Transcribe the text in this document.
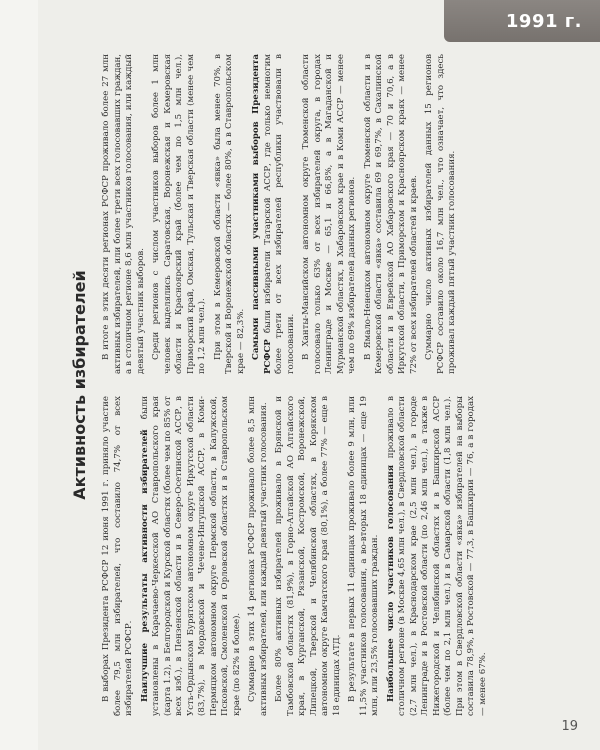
1991 г.
Активность избирателей

В выборах Президента РСФСР 12 июня 1991 г. приняло участие более 79,5 млн избирателей, что составило 74,7% от всех избирателей РСФСР. Наилучшие результаты активности избирателей были установлены в Карачаево-Черкесской АО Ставропольского края (карта 1.2), в Белгородской и Курской областях (более чем по 85% от всех изб.), в Пензенской области и в Северо-Осетинской АССР, в Усть-Ордынском Бурятском автономном округе Иркутской области (83,7%), в Мордовской и Чечено-Ингушской АССР, в Коми-Пермяцком автономном округе Пермской области, в Калужской, Псковской, Смоленской и Орловской областях и в Ставропольском крае (по 82% и более). Суммарно в этих 14 регионах РСФСР проживало более 8,5 млн активных избирателей, или каждый девятый участник голосования. Более 80% активных избирателей проживало в Брянской и Тамбовской областях (81,9%), в Горно-Алтайской АО Алтайского края, в Курганской, Рязанской, Костромской, Воронежской, Липецкой, Тверской и Челябинской областях, в Корякском автономном округе Камчатского края (80,1%), а более 77% — еще в 18 единицах АТД. В результате в первых 11 единицах проживало более 9 млн, или 11,5% участников голосования, а во-вторых 18 единицах — еще 19 млн, или 23,5% голосовавших граждан. Наибольшее число участников голосования проживало в столичном регионе (в Москве 4,65 млн чел.), в Свердловской области (2,7 млн чел.), в Краснодарском крае (2,5 млн чел.), в городе Ленинграде и в Ростовской области (по 2,46 млн чел.), а также в Нижегородской и Челябинской областях и в Башкирской АССР (более чем по 2,1 млн чел.) и в Самарской области (1,8 млн чел.). При этом в Свердловской области «явка» избирателей на выборы составила 78,9%, в Ростовской — 77,3, в Башкирии — 76, а в городах — менее 67%.

В итоге в этих десяти регионах РСФСР проживало более 27 млн активных избирателей, или более трети всех голосовавших граждан, а в столичном регионе 8,6 млн участников голосования, или каждый девятый участник выборов. Среди регионов с числом участников выборов более 1 млн человек выделялись Саратовская, Воронежская и Кемеровская области и Красноярский край (более чем по 1,5 млн чел.), Приморский край, Омская, Тульская и Тверская области (менее чем по 1,2 млн чел.). При этом в Кемеровской области «явка» была менее 70%, в Тверской и Воронежской областях — более 80%, а в Ставропольском крае — 82,3%. Самыми пассивными участниками выборов Президента РСФСР были избиратели Татарской АССР, где только немногим более трети от всех избирателей республики участвовали в голосовании. В Ханты-Мансийском автономном округе Тюменской области голосовало только 63% от всех избирателей округа, в городах Ленинграде и Москве — 65,1 и 66,8%, а в Магаданской и Мурманской областях, в Хабаровском крае и в Коми АССР — менее чем по 69% избирателей данных регионов. В Ямало-Ненецком автономном округе Тюменской области и в Кемеровской области «явка» составила 69 и 69,7%, в Сахалинской области и в Еврейской АО Хабаровского края — 70 и 70,6, а в Иркутской области, в Приморском и Красноярском краях — менее 72% от всех избирателей областей и краев. Суммарно число активных избирателей данных 15 регионов РСФСР составило около 16,7 млн чел., что означает, что здесь проживал каждый пятый участник голосования.

19
